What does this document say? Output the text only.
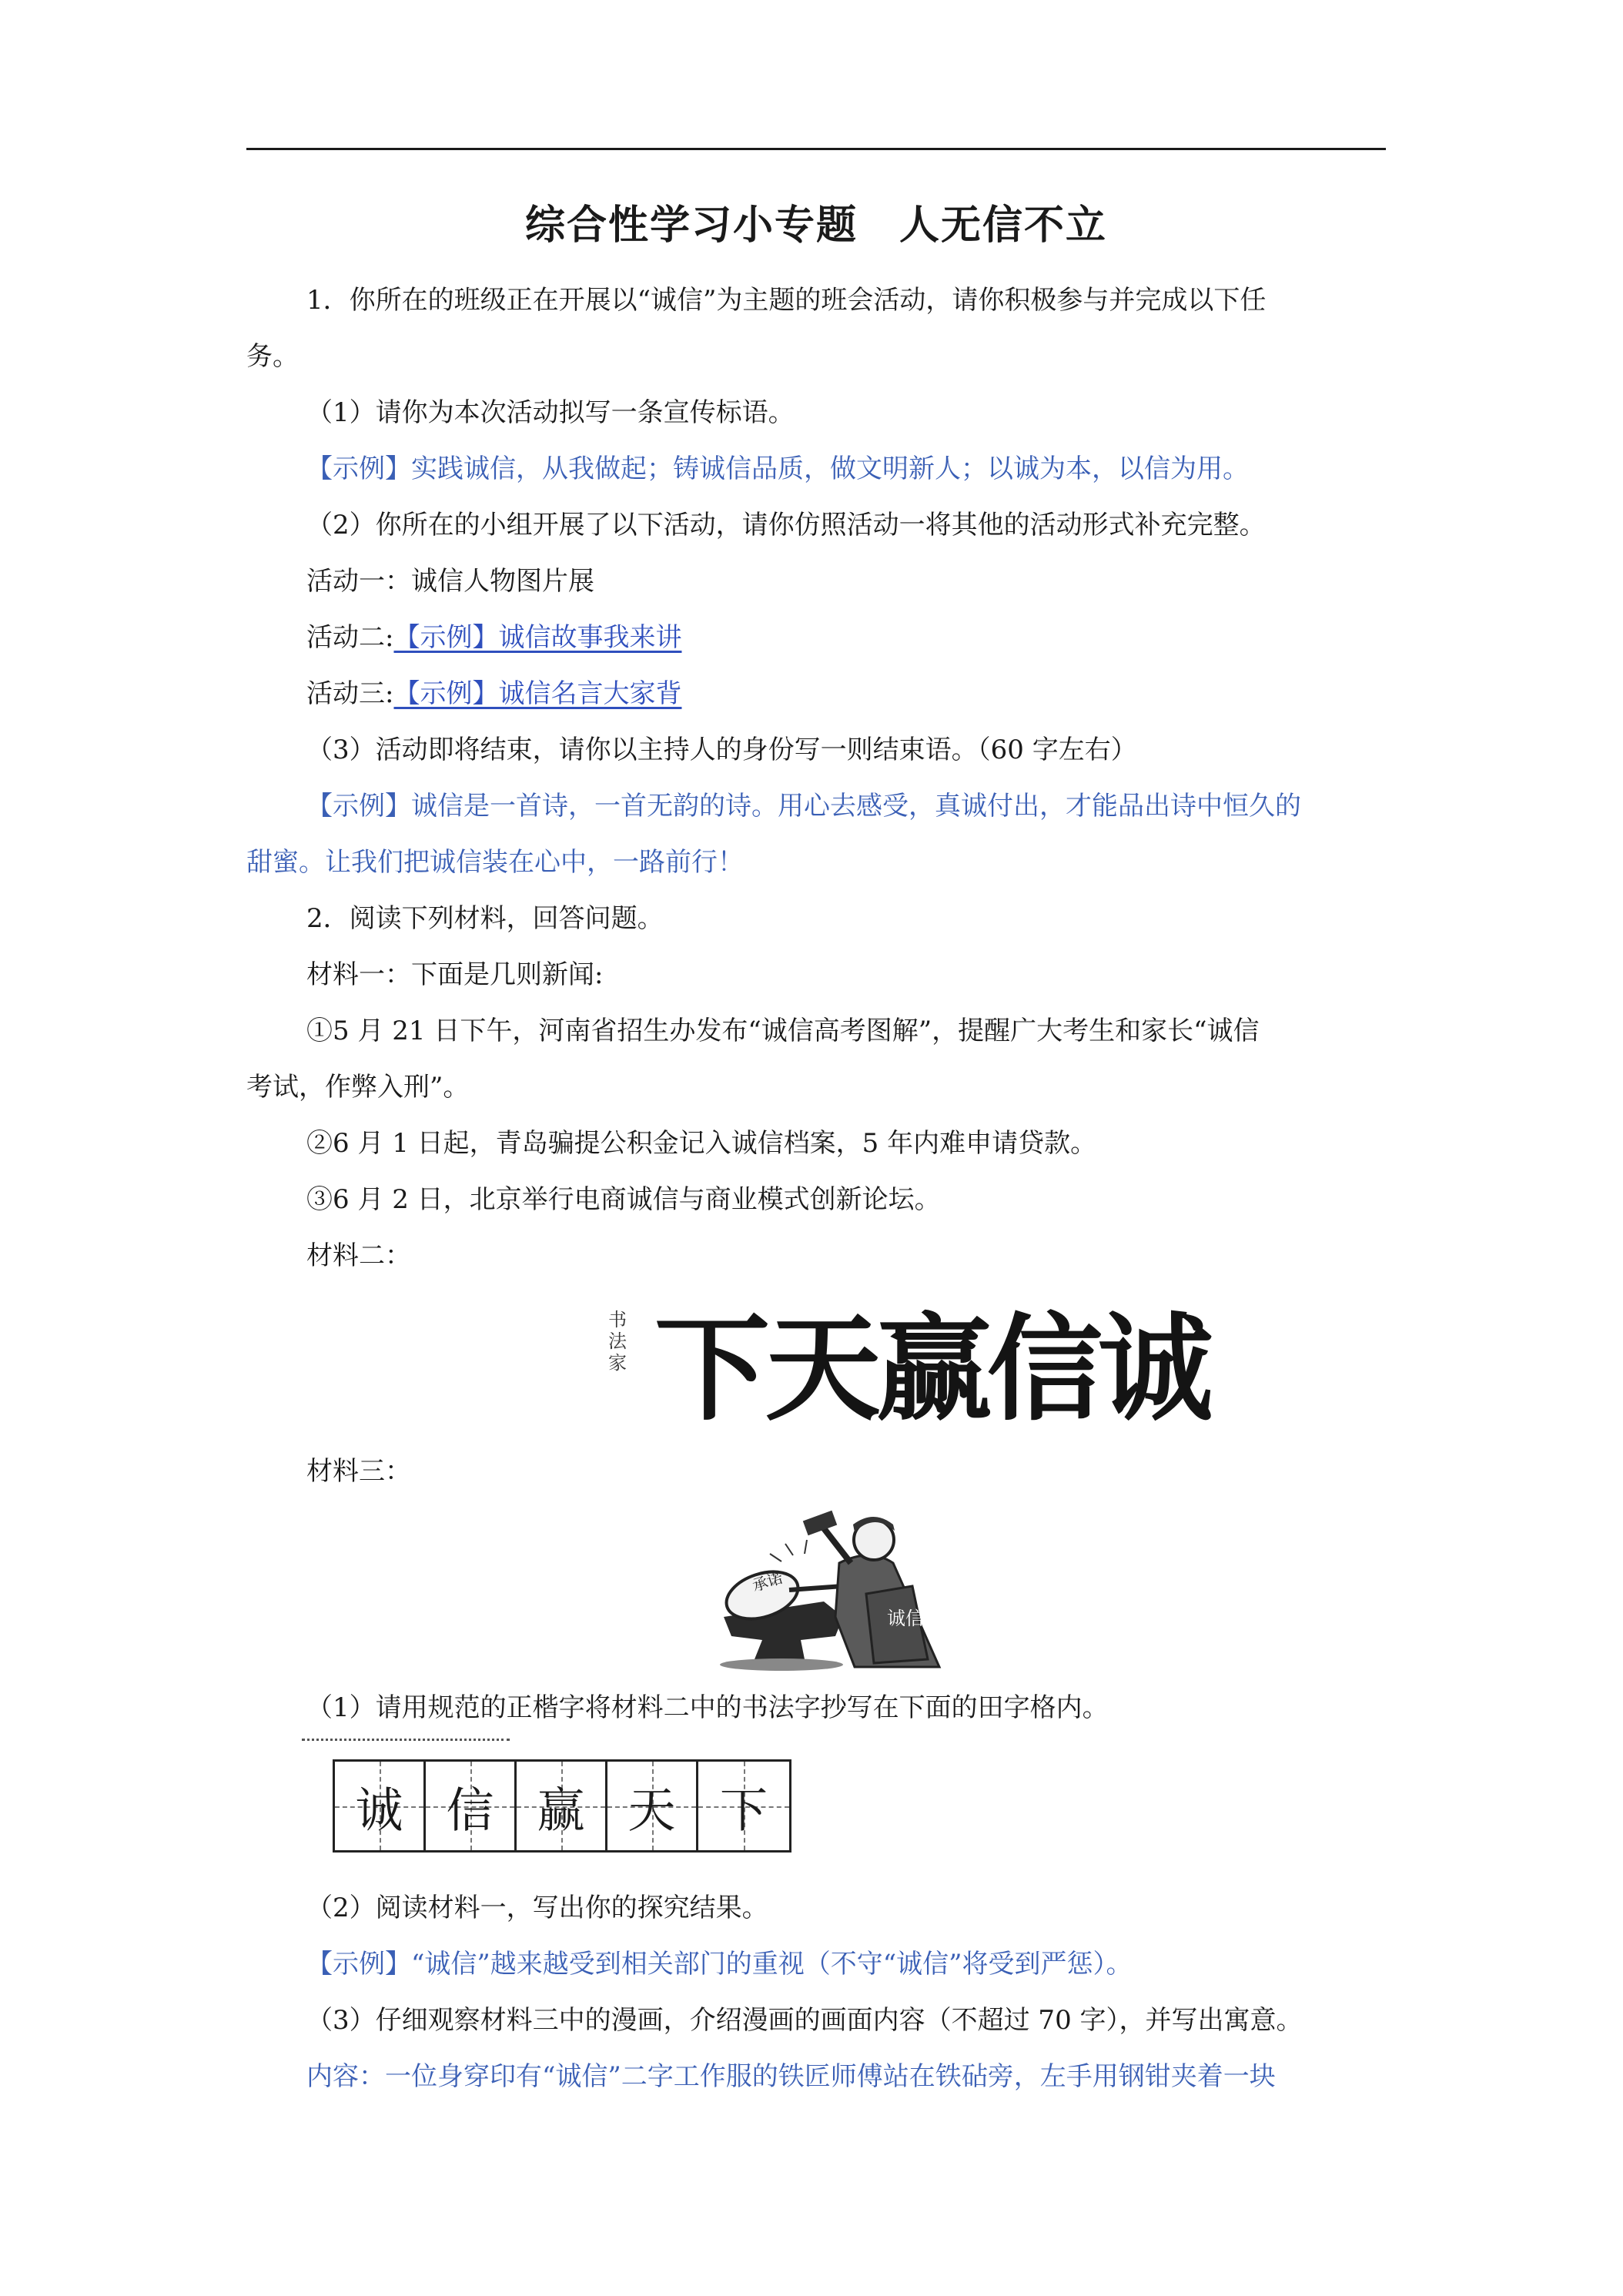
综合性学习小专题　人无信不立
1．你所在的班级正在开展以“诚信”为主题的班会活动，请你积极参与并完成以下任
务。
（1）请你为本次活动拟写一条宣传标语。
【示例】实践诚信，从我做起；铸诚信品质，做文明新人；以诚为本，以信为用。
（2）你所在的小组开展了以下活动，请你仿照活动一将其他的活动形式补充完整。
活动一：诚信人物图片展
活动二:【示例】诚信故事我来讲
活动三:【示例】诚信名言大家背
（3）活动即将结束，请你以主持人的身份写一则结束语。（60 字左右）
【示例】诚信是一首诗，一首无韵的诗。用心去感受，真诚付出，才能品出诗中恒久的
甜蜜。让我们把诚信装在心中，一路前行！
2．阅读下列材料，回答问题。
材料一：下面是几则新闻:
①5 月 21 日下午，河南省招生办发布“诚信高考图解”，提醒广大考生和家长“诚信
考试，作弊入刑”。
②6 月 1 日起，青岛骗提公积金记入诚信档案，5 年内难申请贷款。
③6 月 2 日，北京举行电商诚信与商业模式创新论坛。
材料二：
书法家 下天赢信诚
材料三：
承诺
诚信
（1）请用规范的正楷字将材料二中的书法字抄写在下面的田字格内。
诚 信 赢 天 下
（2）阅读材料一，写出你的探究结果。
【示例】“诚信”越来越受到相关部门的重视（不守“诚信”将受到严惩）。
（3）仔细观察材料三中的漫画，介绍漫画的画面内容（不超过 70 字），并写出寓意。
内容：一位身穿印有“诚信”二字工作服的铁匠师傅站在铁砧旁，左手用钢钳夹着一块
